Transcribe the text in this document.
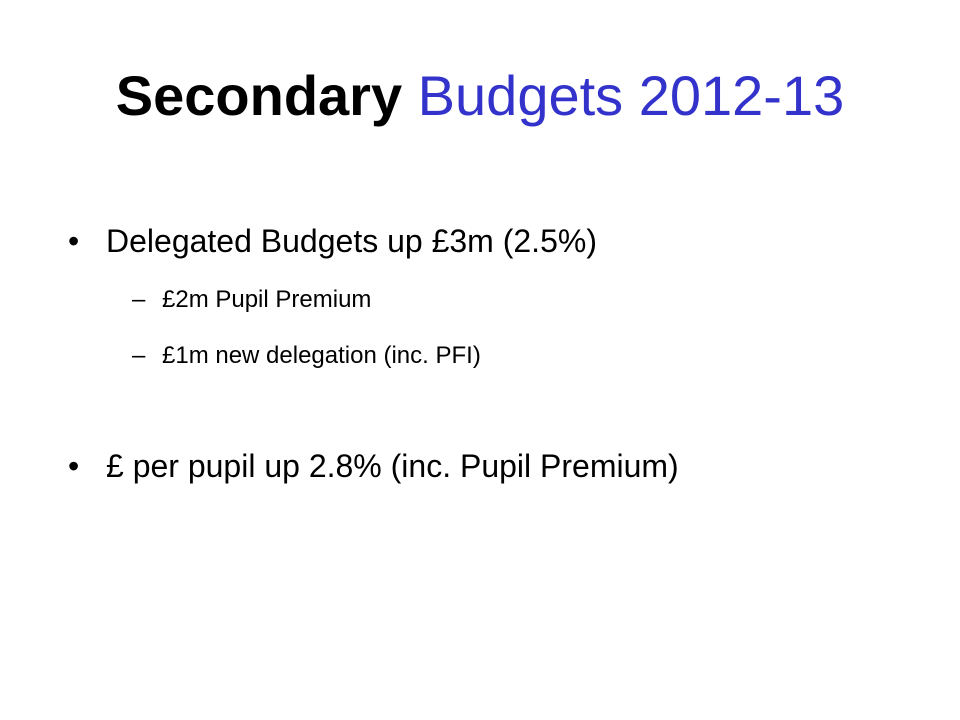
Secondary Budgets 2012-13
• Delegated Budgets up £3m (2.5%)
– £2m Pupil Premium
– £1m new delegation (inc. PFI)
• £ per pupil up 2.8% (inc. Pupil Premium)
